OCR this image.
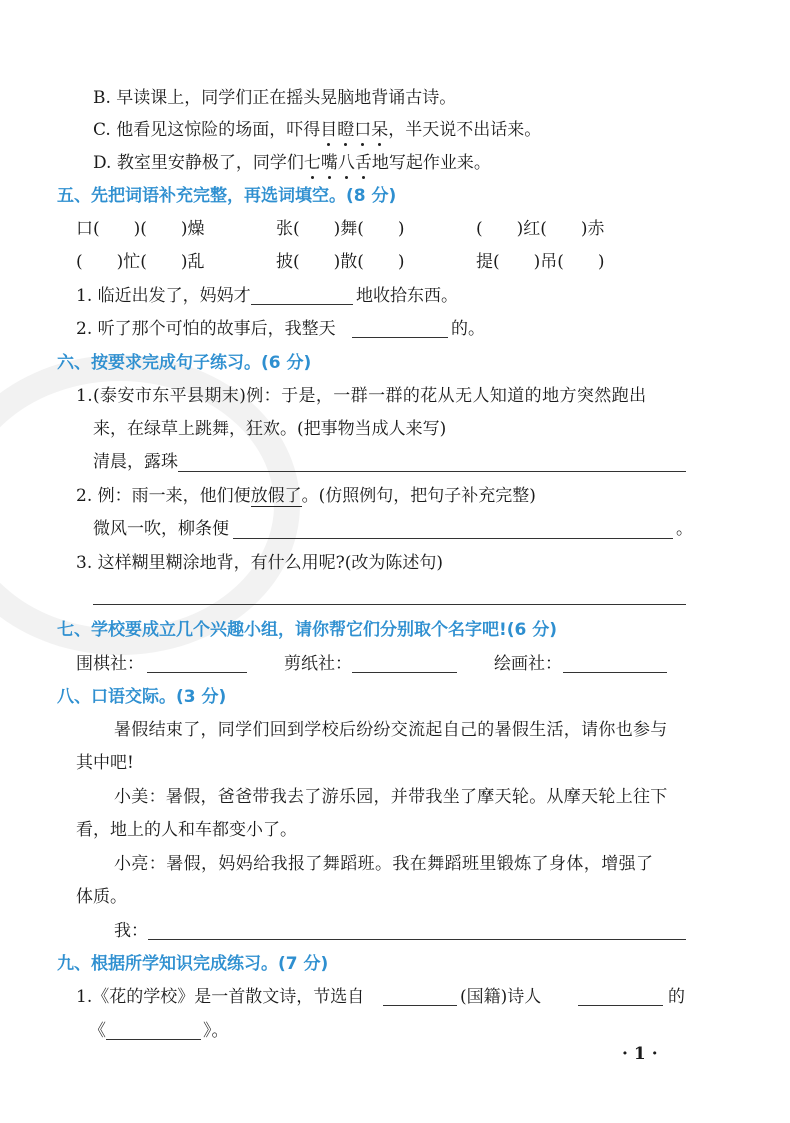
B. 早读课上，同学们正在摇头晃脑地背诵古诗。
C. 他看见这惊险的场面，吓得目瞪口呆，半天说不出话来。
D. 教室里安静极了，同学们七嘴八舌地写起作业来。
五、先把词语补充完整，再选词填空。(8 分)
口(　　)(　　)燥	张(　　)舞(　　)	(　　)红(　　)赤
(　　)忙(　　)乱	披(　　)散(　　)	提(　　)吊(　　)
1. 临近出发了，妈妈才	地收拾东西。
2. 听了那个可怕的故事后，我整天	的。
六、按要求完成句子练习。(6 分)
1.(泰安市东平县期末)例：于是，一群一群的花从无人知道的地方突然跑出
来，在绿草上跳舞，狂欢。(把事物当成人来写)
清晨，露珠
2. 例：雨一来，他们便放假了。(仿照例句，把句子补充完整)
微风一吹，柳条便	。
3. 这样糊里糊涂地背，有什么用呢?(改为陈述句)
七、学校要成立几个兴趣小组，请你帮它们分别取个名字吧!(6 分)
围棋社：	剪纸社：	绘画社：
八、口语交际。(3 分)
暑假结束了，同学们回到学校后纷纷交流起自己的暑假生活，请你也参与
其中吧!
小美：暑假，爸爸带我去了游乐园，并带我坐了摩天轮。从摩天轮上往下
看，地上的人和车都变小了。
小亮：暑假，妈妈给我报了舞蹈班。我在舞蹈班里锻炼了身体，增强了
体质。
我：
九、根据所学知识完成练习。(7 分)
1.《花的学校》是一首散文诗，节选自	(国籍)诗人	的
《	》。
·1·
